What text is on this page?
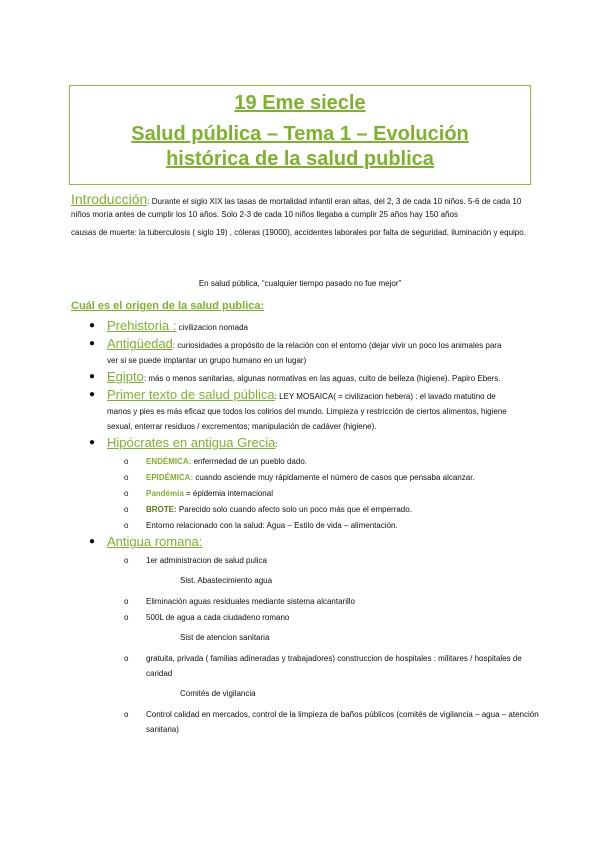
19 Eme siecle
Salud pública – Tema 1 – Evolución
histórica de la salud publica
Introducción: Durante el siglo XIX las tasas de mortalidad infantil eran altas, del 2, 3 de cada 10 niños. 5-6 de cada 10 niños moría antes de cumplir los 10 años. Solo 2-3 de cada 10 niños llegaba a cumplir 25 años hay 150 años
causas de muerte: la tuberculosis ( siglo 19) , cóleras (19000), accidentes laborales por falta de seguridad, iluminación y equipo.
En salud pública, “cualquier tiempo pasado no fue mejor”
Cuál es el origen de la salud publica:
● Prehistoria : civilizacion nomada
● Antigüedad: curiosidades a propósito de la relación con el entorno (dejar vivir un poco los animales para ver si se puede implantar un grupo humano en un lugar)
● Egipto: más o menos sanitarias, algunas normativas en las aguas, culto de belleza (higiene). Papiro Ebers.
● Primer texto de salud pública: LEY MOSAICA( = civilizacion hebera) : el lavado matutino de manos y pies es más eficaz que todos los colirios del mundo. Limpieza y restricción de ciertos alimentos, higiene sexual, enterrar residuos / excrementos; manipulación de cadáver (higiene).
● Hipócrates en antigua Grecia:
o ENDÉMICA: enfermedad de un pueblo dado.
o EPIDÉMICA: cuando asciende muy rápidamente el número de casos que pensaba alcanzar.
o Pandémia = épidemia internacional
o BROTE: Parecido solo cuando afecto solo un poco más que el emperrado.
o Entorno relacionado con la salud: Agua – Estilo de vida – alimentación.
● Antigua romana:
o 1er administracion de salud pulica
Sist. Abastecimiento agua
o Eliminación aguas residuales mediante sistema alcantarillo
o 500L de agua a cada ciudadeno romano
Sist de atencion sanitaria
o gratuita, privada ( familias adineradas y trabajadores) construccion de hospitales : militares / hospitales de caridad
Comités de vigilancia
o Control calidad en mercados, control de la limpieza de baños públicos (comités de vigilancia – agua – atención sanitaria)
